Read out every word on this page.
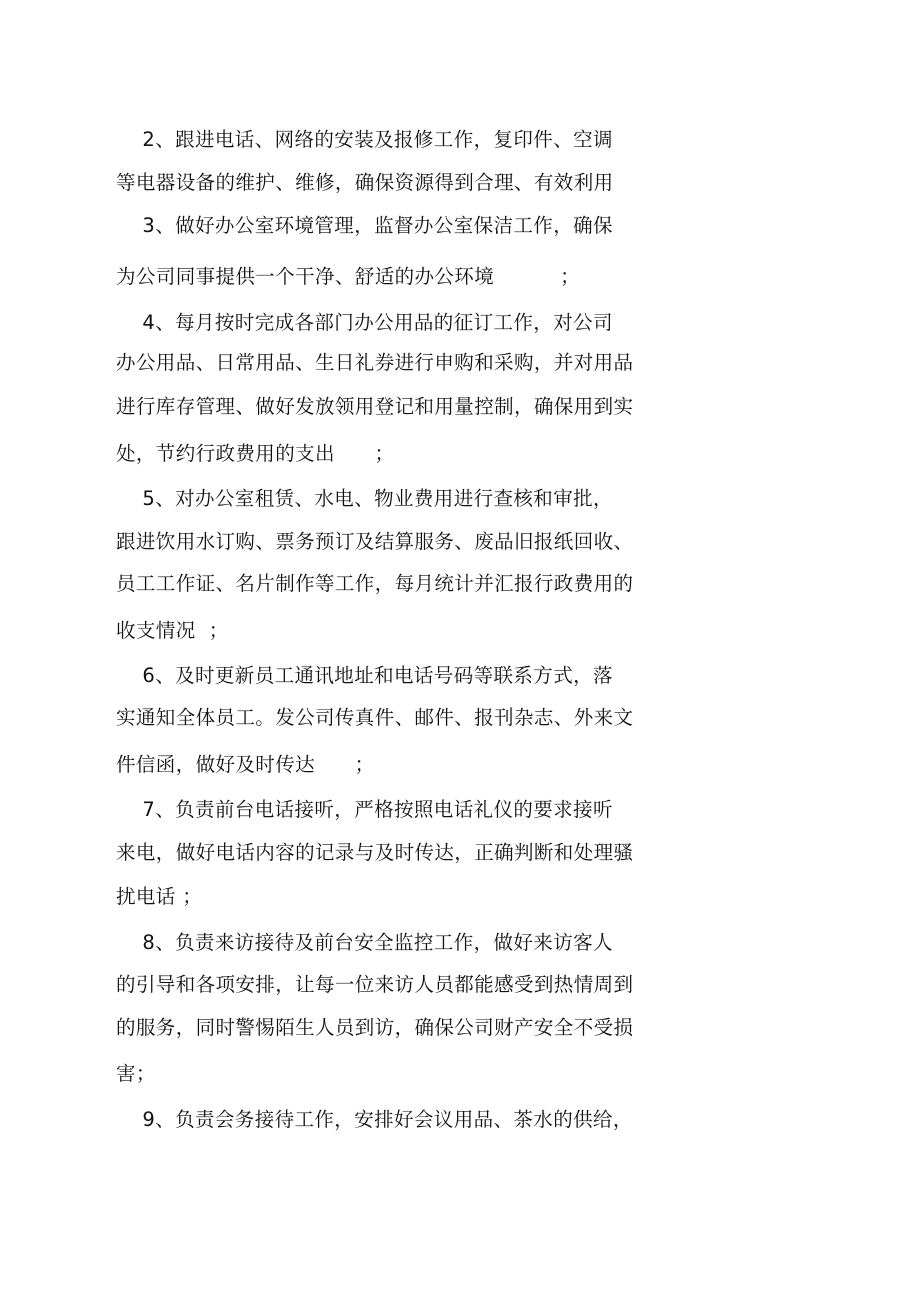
2、跟进电话、网络的安装及报修工作，复印件、空调
等电器设备的维护、维修，确保资源得到合理、有效利用
3、做好办公室环境管理，监督办公室保洁工作，确保
为公司同事提供一个干净、舒适的办公环境          ；
4、每月按时完成各部门办公用品的征订工作，对公司
办公用品、日常用品、生日礼券进行申购和采购，并对用品
进行库存管理、做好发放领用登记和用量控制，确保用到实
处，节约行政费用的支出      ；
5、对办公室租赁、水电、物业费用进行查核和审批，
跟进饮用水订购、票务预订及结算服务、废品旧报纸回收、
员工工作证、名片制作等工作，每月统计并汇报行政费用的
收支情况  ；
6、及时更新员工通讯地址和电话号码等联系方式，落
实通知全体员工。发公司传真件、邮件、报刊杂志、外来文
件信函，做好及时传达      ；
7、负责前台电话接听，严格按照电话礼仪的要求接听
来电，做好电话内容的记录与及时传达，正确判断和处理骚
扰电话 ；
8、负责来访接待及前台安全监控工作，做好来访客人
的引导和各项安排，让每一位来访人员都能感受到热情周到
的服务，同时警惕陌生人员到访，确保公司财产安全不受损
害；
9、负责会务接待工作，安排好会议用品、茶水的供给，
